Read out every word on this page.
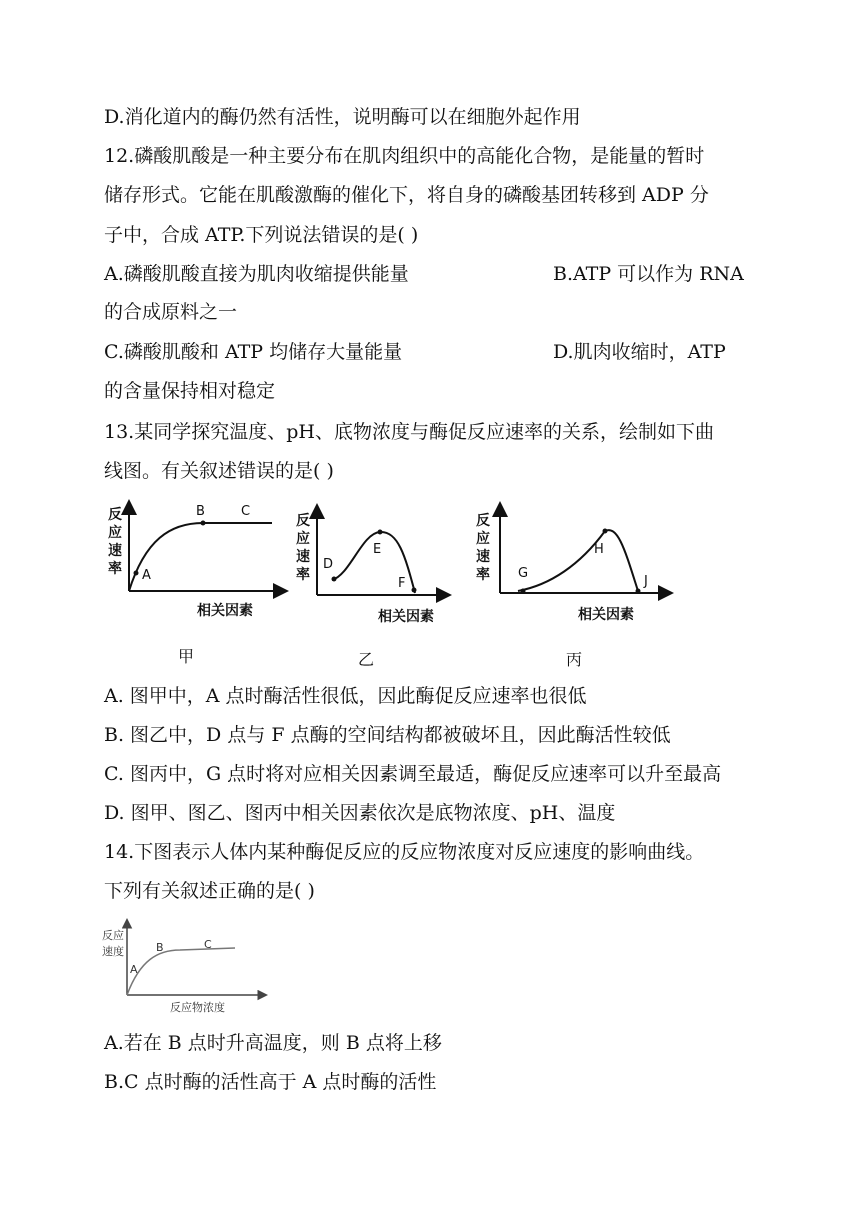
D.消化道内的酶仍然有活性，说明酶可以在细胞外起作用
12.磷酸肌酸是一种主要分布在肌肉组织中的高能化合物，是能量的暂时
储存形式。它能在肌酸激酶的催化下，将自身的磷酸基团转移到 ADP 分
子中，合成 ATP.下列说法错误的是( )
A.磷酸肌酸直接为肌肉收缩提供能量	B.ATP 可以作为 RNA
的合成原料之一
C.磷酸肌酸和 ATP 均储存大量能量	D.肌肉收缩时，ATP
的含量保持相对稳定
13.某同学探究温度、pH、底物浓度与酶促反应速率的关系，绘制如下曲
线图。有关叙述错误的是( )
反
应
速
率 A
B	C
相关因素
甲
反
应
速
率
D
E
F
相关因素
乙
反
应
速
率 G
H
J
相关因素
丙
A. 图甲中，A 点时酶活性很低，因此酶促反应速率也很低
B. 图乙中，D 点与 F 点酶的空间结构都被破坏且，因此酶活性较低
C. 图丙中，G 点时将对应相关因素调至最适，酶促反应速率可以升至最高
D. 图甲、图乙、图丙中相关因素依次是底物浓度、pH、温度
14.下图表示人体内某种酶促反应的反应物浓度对反应速度的影响曲线。
下列有关叙述正确的是( )
反 应
速 度
A
B	C
反应物浓度
A.若在 B 点时升高温度，则 B 点将上移
B.C 点时酶的活性高于 A 点时酶的活性
